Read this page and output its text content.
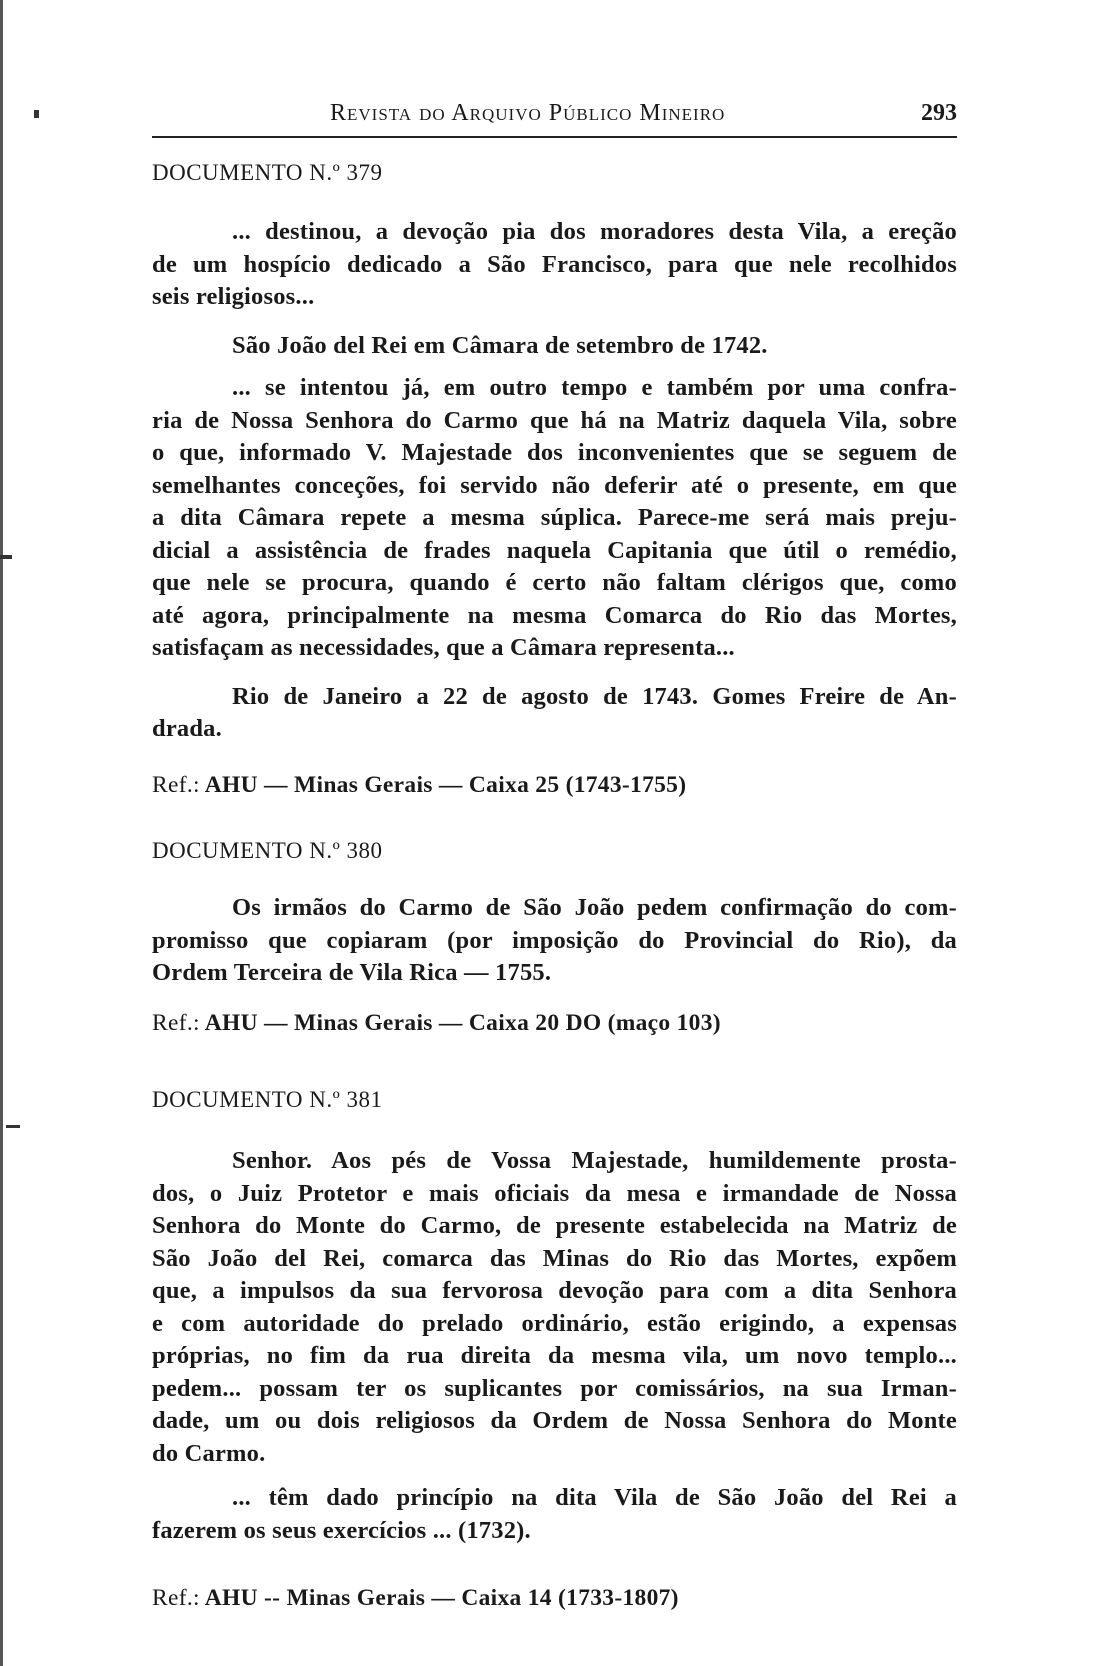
Revista do Arquivo Público Mineiro	293

DOCUMENTO N.º 379

... destinou, a devoção pia dos moradores desta Vila, a ereção
de um hospício dedicado a São Francisco, para que nele recolhidos
seis religiosos...

São João del Rei em Câmara de setembro de 1742.

... se intentou já, em outro tempo e também por uma confra-
ria de Nossa Senhora do Carmo que há na Matriz daquela Vila, sobre
o que, informado V. Majestade dos inconvenientes que se seguem de
semelhantes conceções, foi servido não deferir até o presente, em que
a dita Câmara repete a mesma súplica. Parece-me será mais preju-
dicial a assistência de frades naquela Capitania que útil o remédio,
que nele se procura, quando é certo não faltam clérigos que, como
até agora, principalmente na mesma Comarca do Rio das Mortes,
satisfaçam as necessidades, que a Câmara representa...

Rio de Janeiro a 22 de agosto de 1743. Gomes Freire de An-
drada.

Ref.: AHU — Minas Gerais — Caixa 25 (1743-1755)

DOCUMENTO N.º 380

Os irmãos do Carmo de São João pedem confirmação do com-
promisso que copiaram (por imposição do Provincial do Rio), da
Ordem Terceira de Vila Rica — 1755.

Ref.: AHU — Minas Gerais — Caixa 20 DO (maço 103)

DOCUMENTO N.º 381

Senhor. Aos pés de Vossa Majestade, humildemente prosta-
dos, o Juiz Protetor e mais oficiais da mesa e irmandade de Nossa
Senhora do Monte do Carmo, de presente estabelecida na Matriz de
São João del Rei, comarca das Minas do Rio das Mortes, expõem
que, a impulsos da sua fervorosa devoção para com a dita Senhora
e com autoridade do prelado ordinário, estão erigindo, a expensas
próprias, no fim da rua direita da mesma vila, um novo templo...
pedem... possam ter os suplicantes por comissários, na sua Irman-
dade, um ou dois religiosos da Ordem de Nossa Senhora do Monte
do Carmo.

... têm dado princípio na dita Vila de São João del Rei a
fazerem os seus exercícios ... (1732).

Ref.: AHU -- Minas Gerais — Caixa 14 (1733-1807)
